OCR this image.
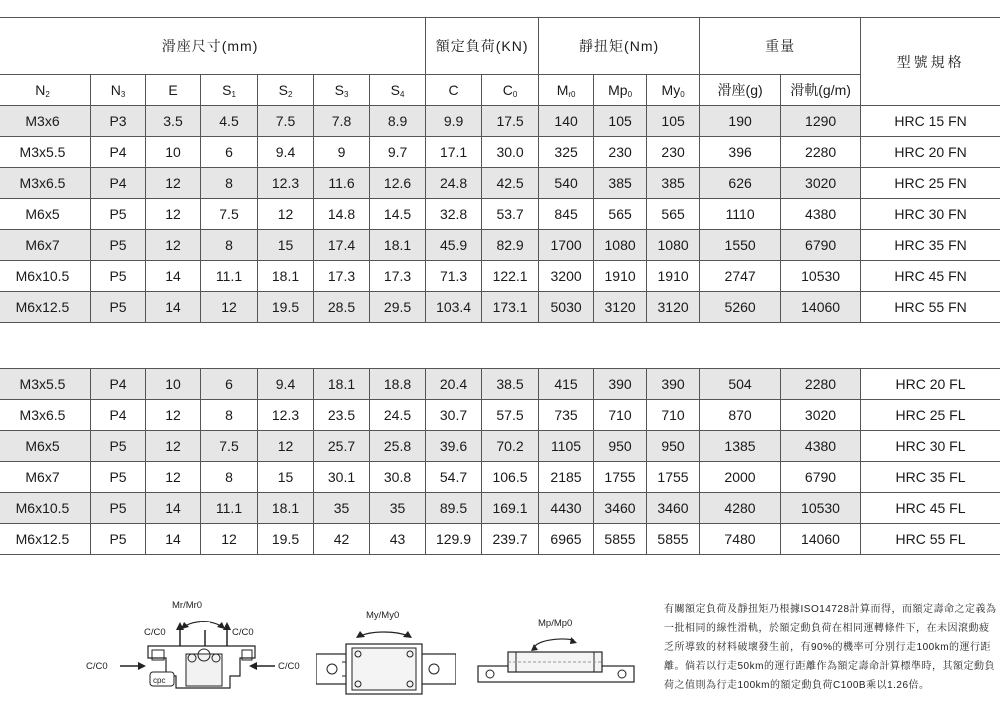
滑座尺寸(mm)							額定負荷(KN)		靜扭矩(Nm)			重量		型號規格
$N_2$	$N_3$	E	$S_1$	$S_2$	$S_3$	$S_4$	C	$C_0$	$M_{r0}$	$Mp_0$	$My_0$	滑座(g)	滑軌(g/m)	
M3x6	P3	3.5	4.5	7.5	7.8	8.9	9.9	17.5	140	105	105	190	1290	HRC 15 FN
M3x5.5	P4	10	6	9.4	9	9.7	17.1	30.0	325	230	230	396	2280	HRC 20 FN
M3x6.5	P4	12	8	12.3	11.6	12.6	24.8	42.5	540	385	385	626	3020	HRC 25 FN
M6x5	P5	12	7.5	12	14.8	14.5	32.8	53.7	845	565	565	1110	4380	HRC 30 FN
M6x7	P5	12	8	15	17.4	18.1	45.9	82.9	1700	1080	1080	1550	6790	HRC 35 FN
M6x10.5	P5	14	11.1	18.1	17.3	17.3	71.3	122.1	3200	1910	1910	2747	10530	HRC 45 FN
M6x12.5	P5	14	12	19.5	28.5	29.5	103.4	173.1	5030	3120	3120	5260	14060	HRC 55 FN
M3x5.5	P4	10	6	9.4	18.1	18.8	20.4	38.5	415	390	390	504	2280	HRC 20 FL
M3x6.5	P4	12	8	12.3	23.5	24.5	30.7	57.5	735	710	710	870	3020	HRC 25 FL
M6x5	P5	12	7.5	12	25.7	25.8	39.6	70.2	1105	950	950	1385	4380	HRC 30 FL
M6x7	P5	12	8	15	30.1	30.8	54.7	106.5	2185	1755	1755	2000	6790	HRC 35 FL
M6x10.5	P5	14	11.1	18.1	35	35	89.5	169.1	4430	3460	3460	4280	10530	HRC 45 FL
M6x12.5	P5	14	12	19.5	42	43	129.9	239.7	6965	5855	5855	7480	14060	HRC 55 FL
Mr/Mr0
C/C0	C/C0
C/C0	C/C0
cpc
My/My0
Mp/Mp0
有關額定負荷及靜扭矩乃根據ISO14728計算而得，而額定壽命之定義為一批相同的線性滑軌，於額定動負荷在相同運轉條件下，在未因滾動疲乏所導致的材料破壞發生前，有90%的機率可分別行走100km的運行距離。倘若以行走50km的運行距離作為額定壽命計算標準時，其額定動負荷之值則為行走100km的額定動負荷C100B乘以1.26倍。
